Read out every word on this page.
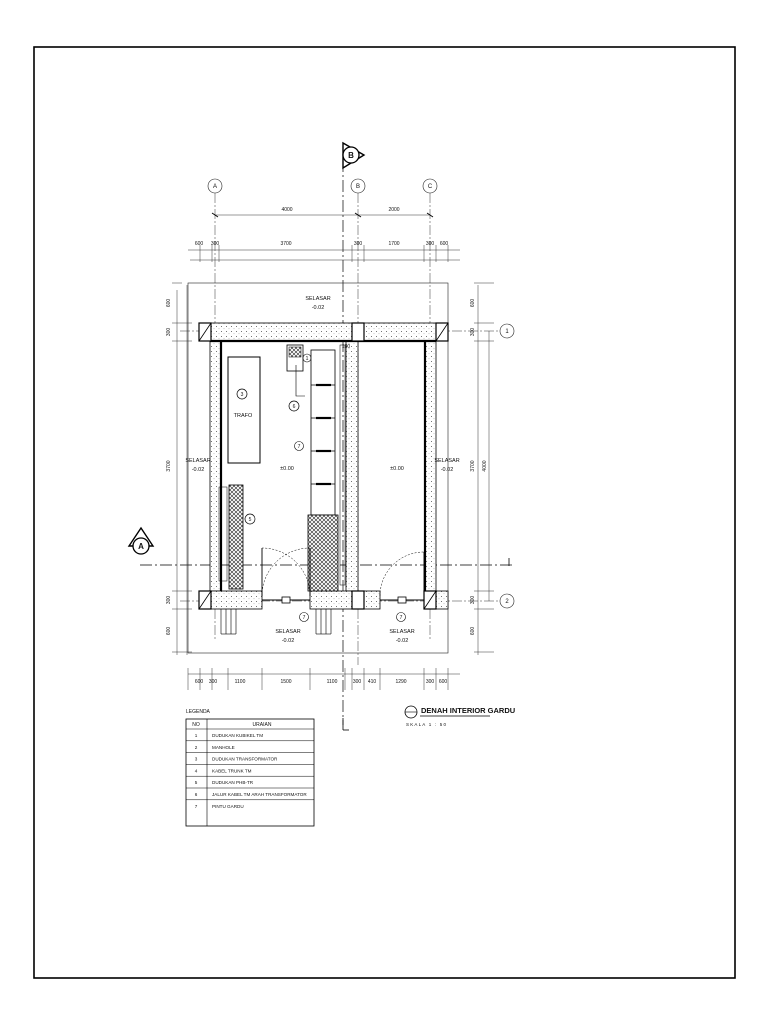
A	B	C
1
2
B
A
4000	2000
600 300	3700	300	1700	300 600
600
300
3700
300
600
600
300
3700
300
600
4000
600 300	1100	1500	1100	300 410	1290	300 600
3
TRAFO
5
1
100
6
7
±0.00	±0.00
7	7
SELASAR
-0.02
SELASAR
-0.02
SELASAR
-0.02
SELASAR
-0.02
SELASAR
-0.02
DENAH INTERIOR GARDU
SKALA 1 : 50
LEGENDA
1	DUDUKAN KUBIKEL TM
2	MANHOLE
3	DUDUKAN TRANSFORMATOR
4	KABEL TRUNK TM
5	DUDUKAN PHB-TR
6	JALUR KABEL TM ARAH TRANSFORMATOR
7	PINTU GARDU
NO	URAIAN
